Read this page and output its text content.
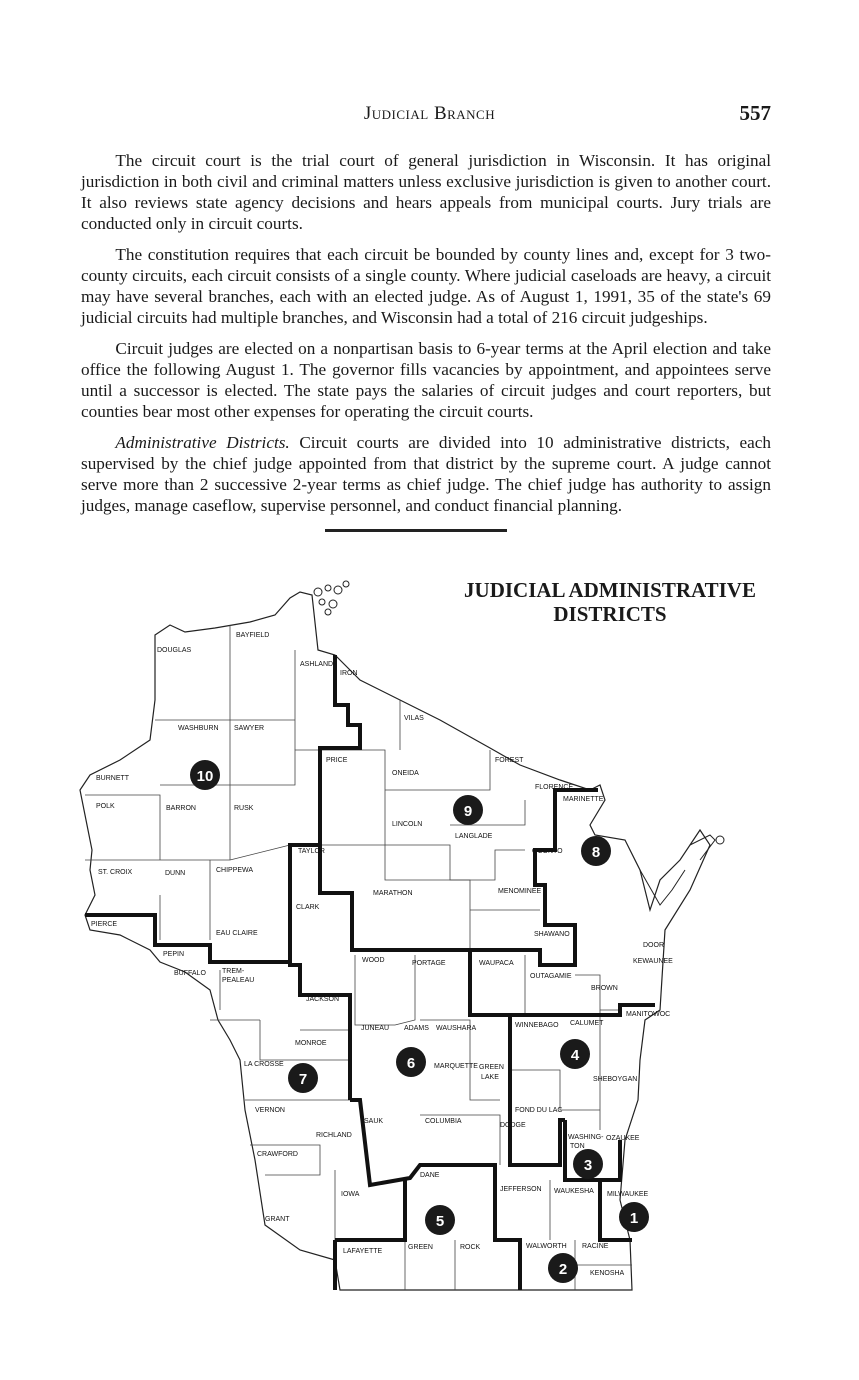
Judicial Branch	557

The circuit court is the trial court of general jurisdiction in Wisconsin. It has original jurisdiction in both civil and criminal matters unless exclusive jurisdiction is given to another court. It also reviews state agency decisions and hears appeals from municipal courts. Jury trials are conducted only in circuit courts.

The constitution requires that each circuit be bounded by county lines and, except for 3 two-county circuits, each circuit consists of a single county. Where judicial caseloads are heavy, a circuit may have several branches, each with an elected judge. As of August 1, 1991, 35 of the state's 69 judicial circuits had multiple branches, and Wisconsin had a total of 216 circuit judgeships.

Circuit judges are elected on a nonpartisan basis to 6-year terms at the April election and take office the following August 1. The governor fills vacancies by appointment, and appointees serve until a successor is elected. The state pays the salaries of circuit judges and court reporters, but counties bear most other expenses for operating the circuit courts.

Administrative Districts. Circuit courts are divided into 10 administrative districts, each supervised by the chief judge appointed from that district by the supreme court. A judge cannot serve more than 2 successive 2-year terms as chief judge. The chief judge has authority to assign judges, manage caseflow, supervise personnel, and conduct financial planning.

JUDICIAL ADMINISTRATIVE
DISTRICTS
DOUGLAS
BAYFIELD
ASHLAND
IRON
VILAS
WASHBURN SAWYER
PRICE
ONEIDA
FOREST
FLORENCE
MARINETTE
BURNETT
POLK	BARRON	RUSK
LINCOLN
LANGLADE
OCONTO
TAYLOR
ST. CROIX	DUNN	CHIPPEWA
MARATHON	MENOMINEE
SHAWANO
CLARK
PIERCE
PEPIN
EAU CLAIRE
BUFFALO TREM-
PEALEAU
WOOD	PORTAGE	WAUPACA
OUTAGAMIE
BROWN
DOOR
KEWAUNEE
JACKSON
MANITOWOC
MONROE
JUNEAU ADAMS WAUSHARA	WINNEBAGO CALUMET
LA CROSSE	MARQUETTE GREEN
LAKE	SHEBOYGAN
FOND DU LAC
VERNON
SAUK	COLUMBIA
DODGE
WASHING-
TON
OZAUKEE
RICHLAND
CRAWFORD
DANE
JEFFERSON WAUKESHA MILWAUKEE
IOWA
GRANT
LAFAYETTE
GREEN	ROCK	WALWORTH RACINE
KENOSHA
10
9
8
7
6	4
3
5	1
2
